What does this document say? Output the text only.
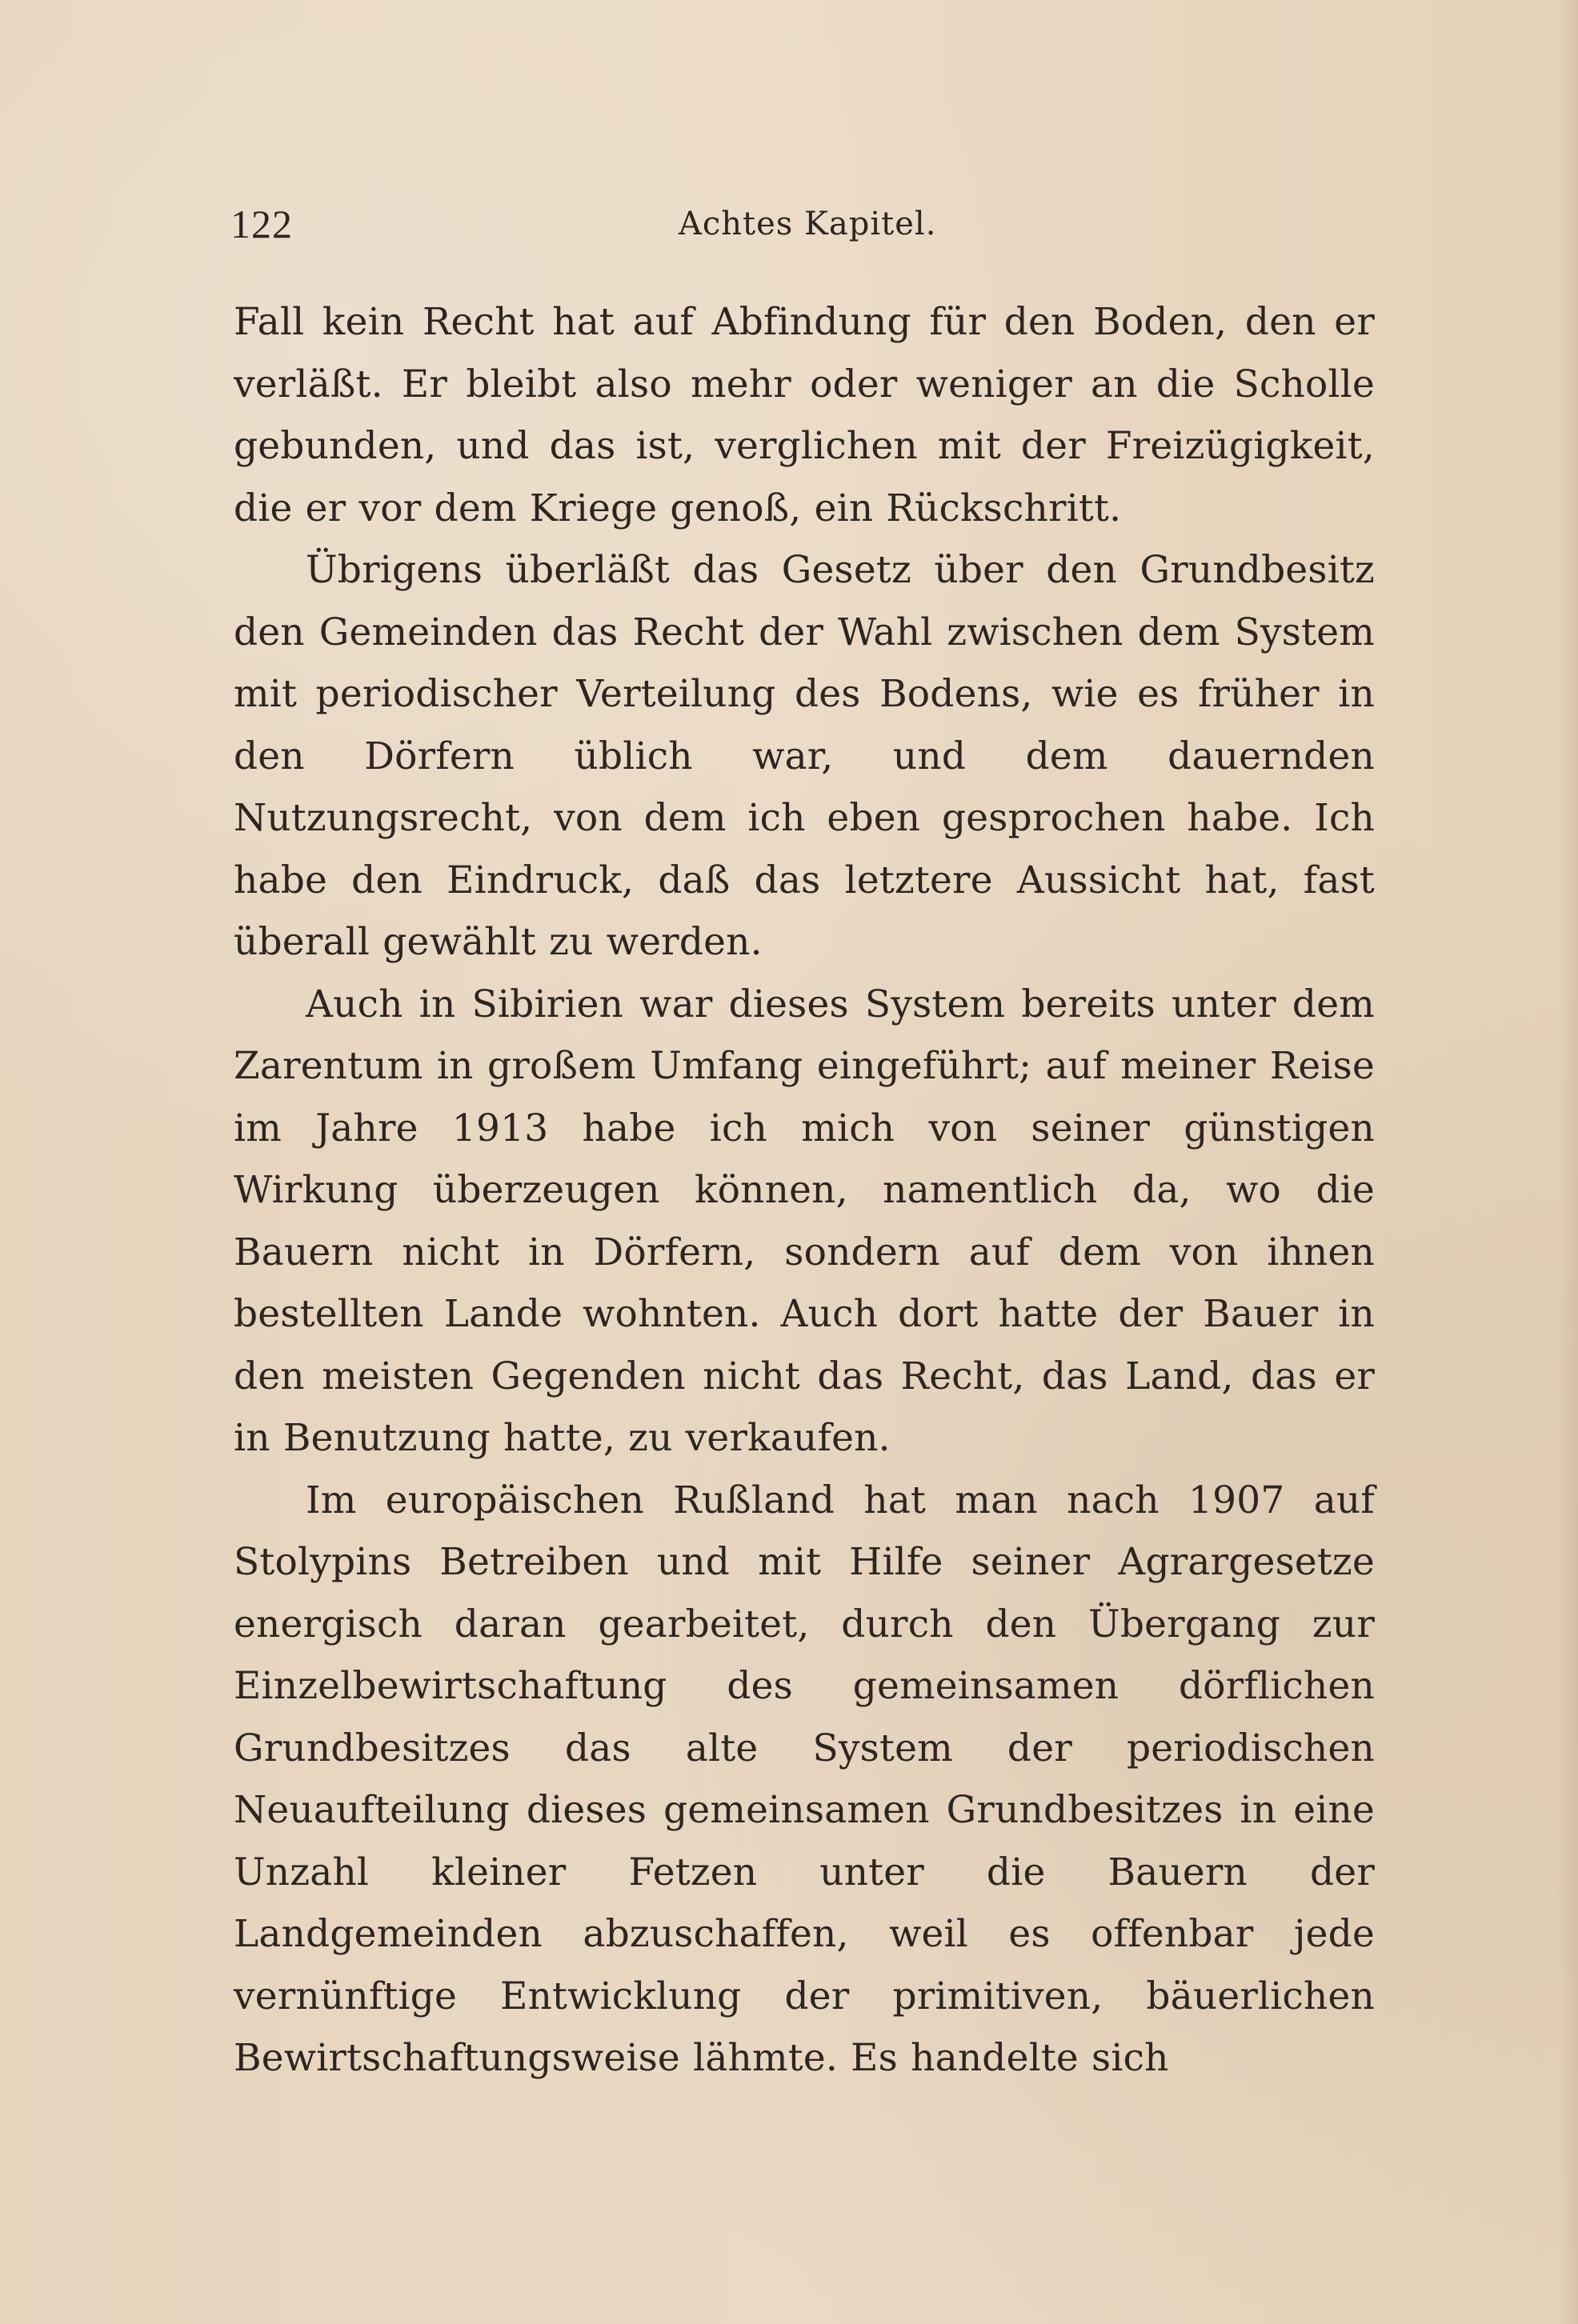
122	Achtes Kapitel.

Fall kein Recht hat auf Abfindung für den Boden, den er verläßt. Er bleibt also mehr oder weniger an die Scholle gebunden, und das ist, verglichen mit der Freizügigkeit, die er vor dem Kriege genoß, ein Rückschritt.

Übrigens überläßt das Gesetz über den Grundbesitz den Gemeinden das Recht der Wahl zwischen dem System mit periodischer Verteilung des Bodens, wie es früher in den Dörfern üblich war, und dem dauernden Nutzungsrecht, von dem ich eben gesprochen habe. Ich habe den Eindruck, daß das letztere Aussicht hat, fast überall gewählt zu werden.

Auch in Sibirien war dieses System bereits unter dem Zarentum in großem Umfang eingeführt; auf meiner Reise im Jahre 1913 habe ich mich von seiner günstigen Wirkung überzeugen können, namentlich da, wo die Bauern nicht in Dörfern, sondern auf dem von ihnen bestellten Lande wohnten. Auch dort hatte der Bauer in den meisten Gegenden nicht das Recht, das Land, das er in Benutzung hatte, zu verkaufen.

Im europäischen Rußland hat man nach 1907 auf Stolypins Betreiben und mit Hilfe seiner Agrargesetze energisch daran gearbeitet, durch den Übergang zur Einzelbewirtschaftung des gemeinsamen dörflichen Grundbesitzes das alte System der periodischen Neuaufteilung dieses gemeinsamen Grundbesitzes in eine Unzahl kleiner Fetzen unter die Bauern der Landgemeinden abzuschaffen, weil es offenbar jede vernünftige Entwicklung der primitiven, bäuerlichen Bewirtschaftungsweise lähmte. Es handelte sich
